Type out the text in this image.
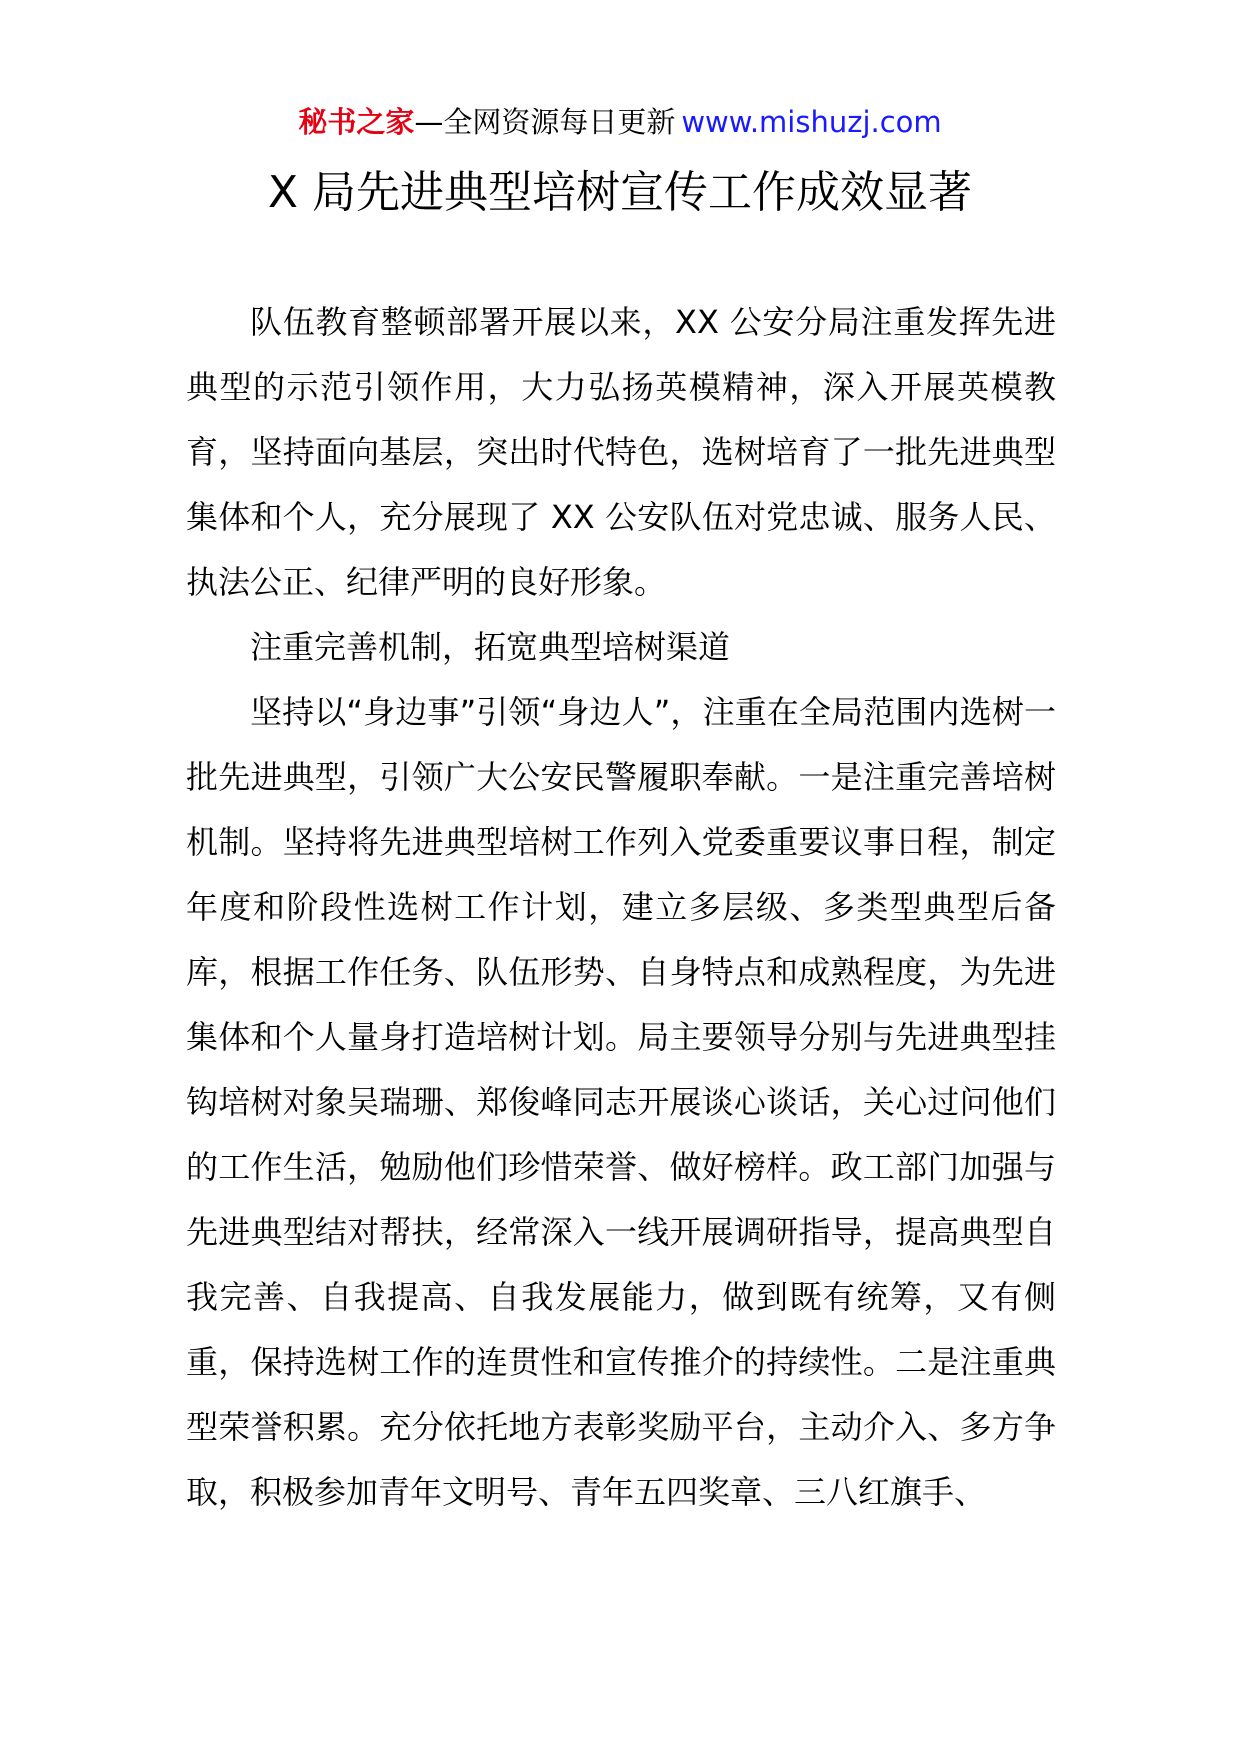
秘书之家—全网资源每日更新 www.mishuzj.com
X 局先进典型培树宣传工作成效显著

队伍教育整顿部署开展以来，XX 公安分局注重发挥先进典型的示范引领作用，大力弘扬英模精神，深入开展英模教育，坚持面向基层，突出时代特色，选树培育了一批先进典型集体和个人，充分展现了 XX 公安队伍对党忠诚、服务人民、执法公正、纪律严明的良好形象。

注重完善机制，拓宽典型培树渠道

坚持以“身边事”引领“身边人”，注重在全局范围内选树一批先进典型，引领广大公安民警履职奉献。一是注重完善培树机制。坚持将先进典型培树工作列入党委重要议事日程，制定年度和阶段性选树工作计划，建立多层级、多类型典型后备库，根据工作任务、队伍形势、自身特点和成熟程度，为先进集体和个人量身打造培树计划。局主要领导分别与先进典型挂钩培树对象吴瑞珊、郑俊峰同志开展谈心谈话，关心过问他们的工作生活，勉励他们珍惜荣誉、做好榜样。政工部门加强与先进典型结对帮扶，经常深入一线开展调研指导，提高典型自我完善、自我提高、自我发展能力，做到既有统筹，又有侧重，保持选树工作的连贯性和宣传推介的持续性。二是注重典型荣誉积累。充分依托地方表彰奖励平台，主动介入、多方争取，积极参加青年文明号、青年五四奖章、三八红旗手、
